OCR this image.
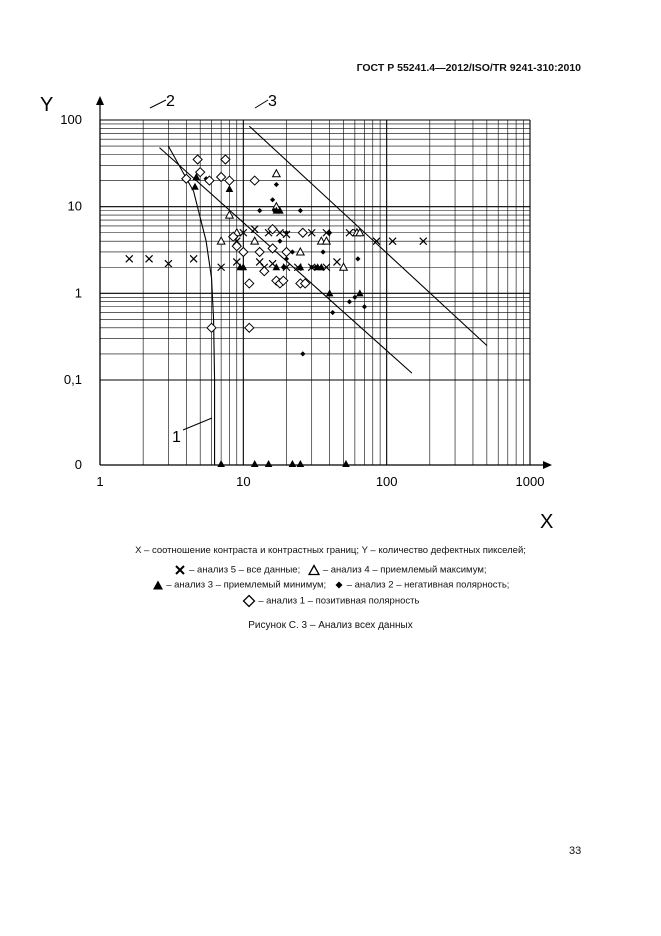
ГОСТ Р 55241.4—2012/ISO/TR 9241-310:2010
1	10	100	1000
100
10
1
0,1
0
Y
X
1
2	3
X – соотношение контраста и контрастных границ; Y – количество дефектных пикселей;
– анализ 5 – все данные; – анализ 4 – приемлемый максимум;
– анализ 3 – приемлемый минимум; – анализ 2 – негативная полярность;
– анализ 1 – позитивная полярность
Рисунок С. 3 – Анализ всех данных
33
